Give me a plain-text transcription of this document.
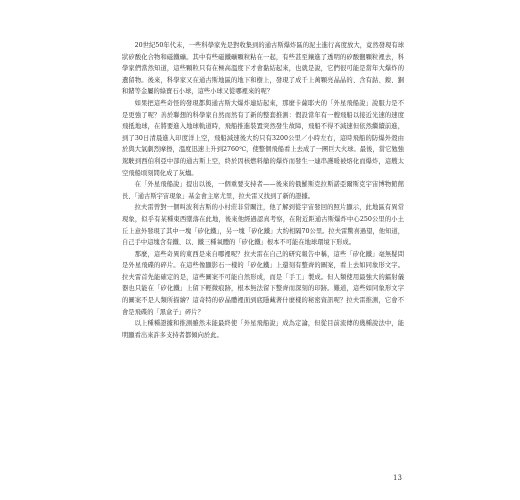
20世紀50年代末，一些科學家先是對收集到的通古斯爆炸區的泥土進行高度放大，竟然發現有球狀矽酸化合物和磁鐵礦。其中有些磁鐵礦顆粒粘在一起，有些甚至鑲進了透明的矽酸鹽顆粒裡去，科學家們當然知道，這些顆粒只有在極高溫度下才會黏結起來，也就是說，它們很可能是當年大爆炸的遺留物。後來，科學家又在通古斯地區的地下和樹上，發現了成千上萬顆亮晶晶的、含有鈷、鎳、銅和鍺等金屬的綠寶石小球，這些小球又從哪裡來的呢？

如果把這些奇怪的發現都與通古斯大爆炸連結起來，那麼卡薩耶夫的「外星飛船說」說服力是不是更強了呢？善於聯想的科學家自然而然有了新的整套推測：假設當年有一艘飛船以接近光速的速度飛抵地球，在將要進入地球軌道時，飛船推進裝置突然發生故障，飛船不得不減速但依然繼續前進，到了30日清晨進入印度洋上空，飛船減速後大約只有3200公里／小時左右，這時飛船的防爆外殼由於與大氣劇烈摩擦，溫度迅速上升到2760℃，使整個飛船看上去成了一團巨大火球。最後，當它勉強駕駛到西伯利亞中部的通古斯上空，終於因核燃料艙的爆炸而發生一連串護暖被熔化而爆炸，這艘太空飛船頃刻間化成了灰燼。

在「外星飛船說」提出以後，一個重要支持者——後來的俄羅斯克拉斯諾亞爾斯克宇宙博物館館長、「通古斯宇宙現象」基金會主席尤里，拉夫雷又找到了新的證據。

拉夫雷曾對一個叫波利古斯的小村莊非常關注，他了解到從宇宙發回的照片顯示，此地區有異常現象，似乎有某種東西墜落在此地，後來他經過認真考察，在附近距通古斯爆炸中心250公里的小土丘上意外發現了其中一塊「矽化鐵」，另一塊「矽化鐵」大約相隔70公里。拉夫雷驚喜過望，他知道，自己手中這塊含有鐵、以、鐵三種氧體的「矽化鐵」根本不可能在地球環境下形成。

那麼，這些奇異的東西是來自哪裡呢？拉夫雷在自己的研究報告中稱，這些「矽化鐵」毫無疑問是外星飛碟的碎片。在這些像顯影石一樣的「矽化鐵」上還刻有整齊的圖案，看上去如同象形文字。拉夫雷首先能確定的是，這些圖案不可能自然形成，而是「手工」製成。但人類使用最強大的鐳射儀器也只能在「矽化鐵」上留下輕微痕跡，根本無法留下整齊而深刻的印跡。難道，這些如同象形文字的圖案不是人類所描繪？這奇特的矽晶體裡面到底隱藏著什麼樣的秘密資訊呢？拉夫雷推測，它會不會是飛碟的「黑盒子」碎片？

以上種種證據和推測雖然未能最終使「外星飛船說」成為定論，但從目前流傳的幾種說法中，能明顯看出來許多支持者都傾向於此。

13
